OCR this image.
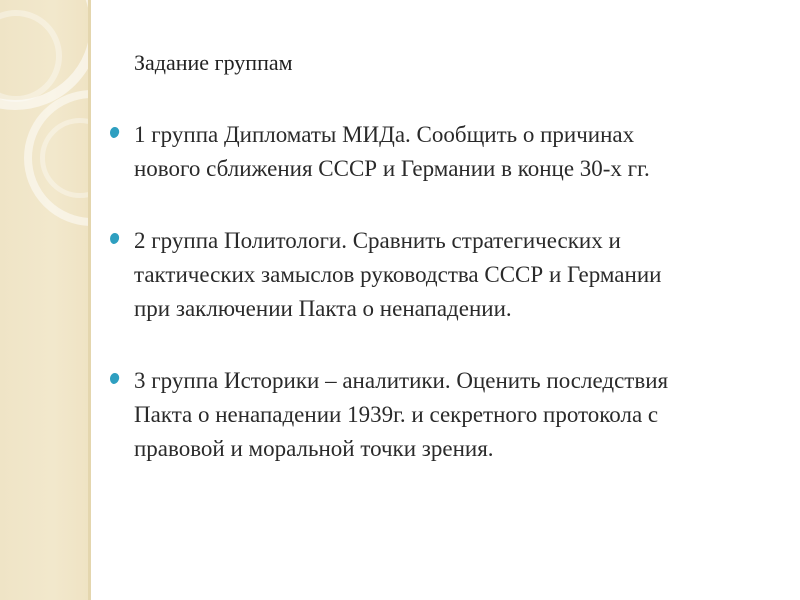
Задание группам
1 группа Дипломаты МИДа. Сообщить о причинах
нового сближения СССР и Германии в конце 30-х гг.
2 группа Политологи. Сравнить стратегических и
тактических замыслов руководства СССР и Германии
при заключении Пакта о ненападении.
3 группа Историки – аналитики. Оценить последствия
Пакта о ненападении 1939г. и секретного протокола с
правовой и моральной точки зрения.
